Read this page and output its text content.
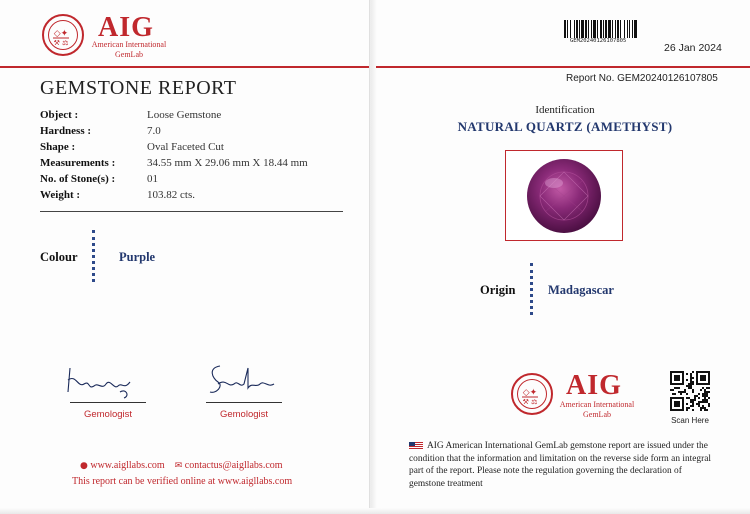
◇✦
⚒ ⚖ AIG
American International
GemLab
GEMSTONE REPORT
Object :	Loose Gemstone
Hardness :	7.0
Shape :	Oval Faceted Cut
Measurements :	34.55 mm X 29.06 mm X 18.44 mm
No. of Stone(s) :	01
Weight :	103.82 cts.
Colour	Purple
Gemologist	Gemologist
● www.aigllabs.com ✉ contactus@aigllabs.com
This report can be verified online at www.aigllabs.com
GEM20240126107805
26 Jan 2024
Report No. GEM20240126107805
Identification
NATURAL QUARTZ (AMETHYST)
Origin	Madagascar
◇✦
⚒ ⚖
AIG
American International
GemLab
Scan Here
AIG American International GemLab gemstone report are issued under the condition that the information and limitation on the reverse side form an integral part of the report. Please note the regulation governing the declaration of gemstone treatment
